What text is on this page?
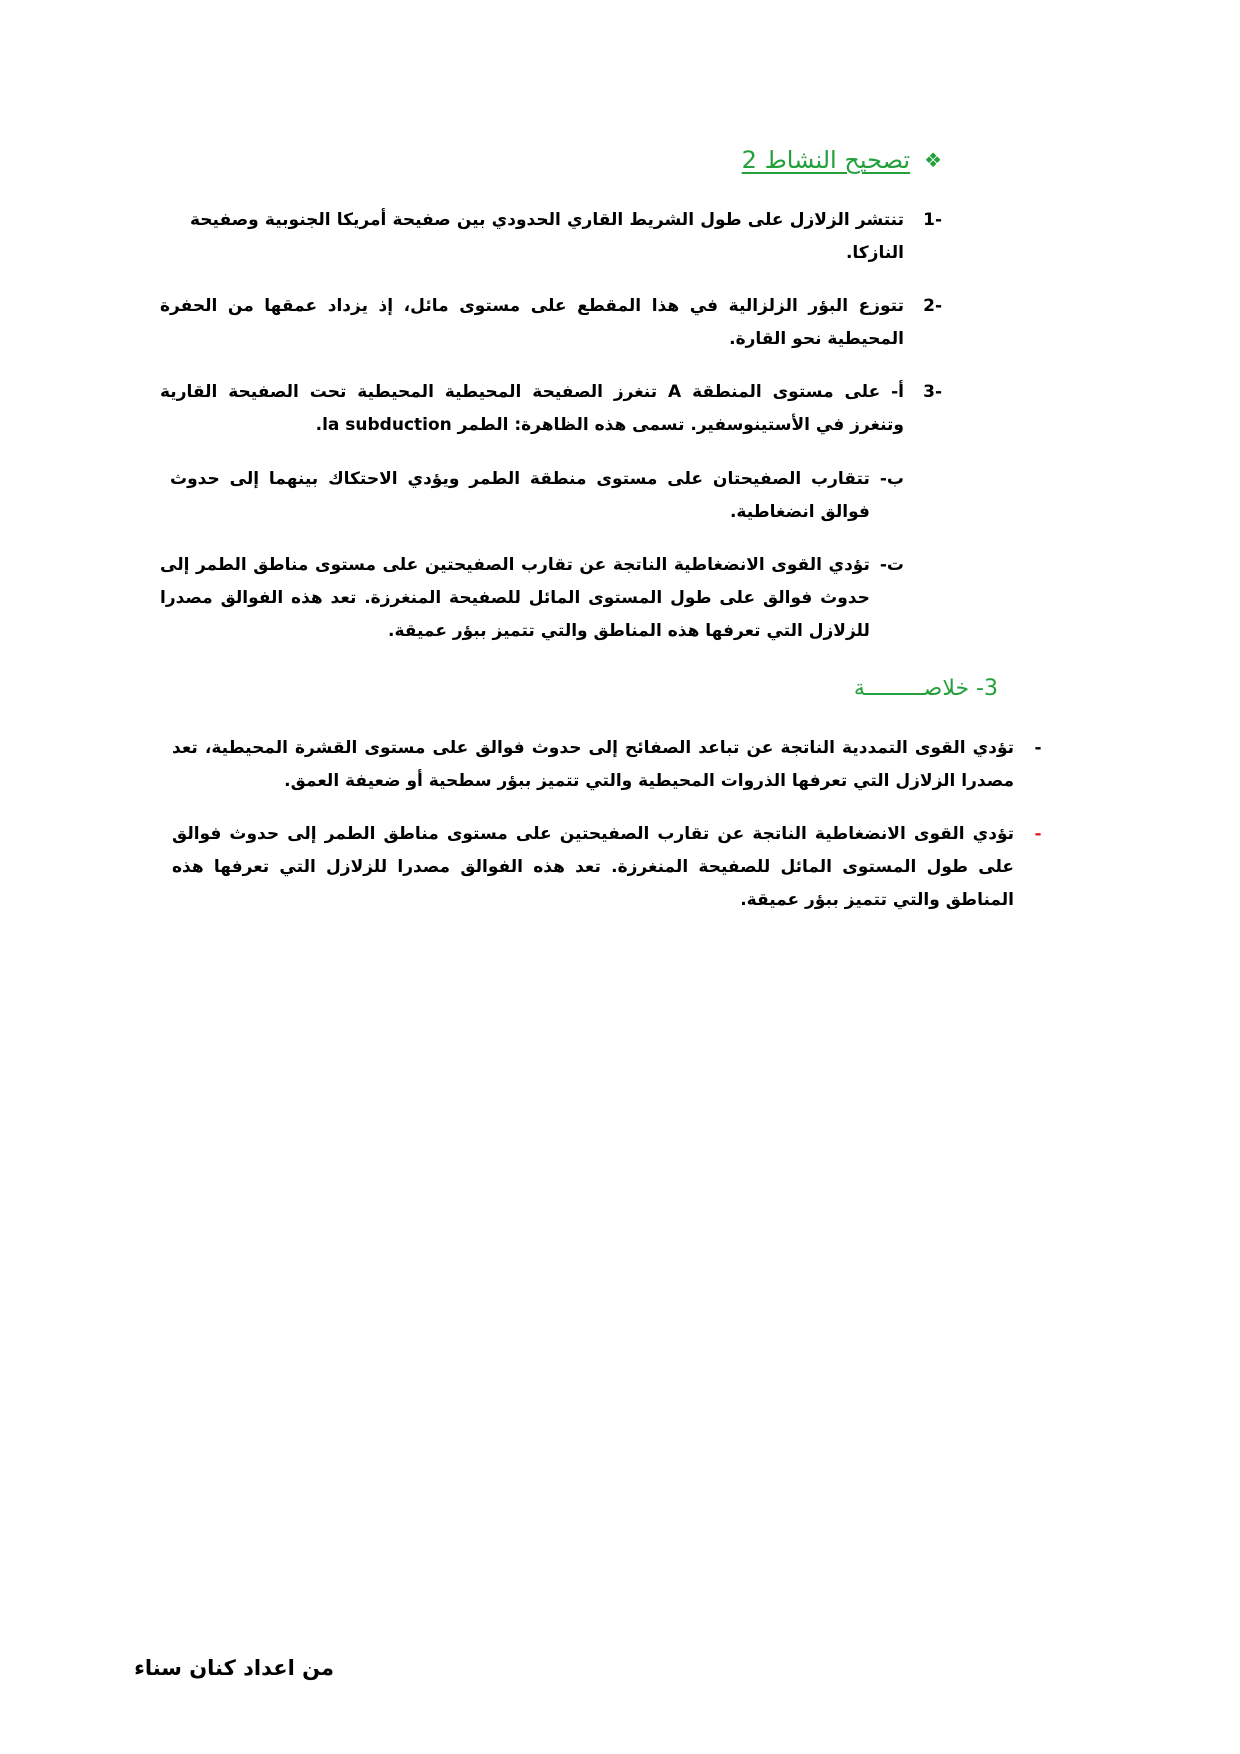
❖
تصحيح النشاط 2
-1
تنتشر الزلازل على طول الشريط القاري الحدودي بين صفيحة أمريكا الجنوبية وصفيحة النازكا.
-2
تتوزع البؤر الزلزالية في هذا المقطع على مستوى مائل، إذ يزداد عمقها من الحفرة المحيطية نحو القارة.
-3
أ- على مستوى المنطقة A تنغرز الصفيحة المحيطية المحيطية تحت الصفيحة القارية وتنغرز في الأستينوسفير. تسمى هذه الظاهرة: الطمر la subduction.
ب-
تتقارب الصفيحتان على مستوى منطقة الطمر ويؤدي الاحتكاك بينهما إلى حدوث فوالق انضغاطية.
ت-
تؤدي القوى الانضغاطية الناتجة عن تقارب الصفيحتين على مستوى مناطق الطمر إلى حدوث فوالق على طول المستوى المائل للصفيحة المنغرزة. تعد هذه الفوالق مصدرا للزلازل التي تعرفها هذه المناطق والتي تتميز ببؤر عميقة.
3- خلاصـــــــــة
-
تؤدي القوى التمددية الناتجة عن تباعد الصفائح إلى حدوث فوالق على مستوى القشرة المحيطية، تعد مصدرا الزلازل التي تعرفها الذروات المحيطية والتي تتميز ببؤر سطحية أو ضعيفة العمق.
-
تؤدي القوى الانضغاطية الناتجة عن تقارب الصفيحتين على مستوى مناطق الطمر إلى حدوث فوالق على طول المستوى المائل للصفيحة المنغرزة. تعد هذه الفوالق مصدرا للزلازل التي تعرفها هذه المناطق والتي تتميز ببؤر عميقة.
من اعداد كنان سناء
